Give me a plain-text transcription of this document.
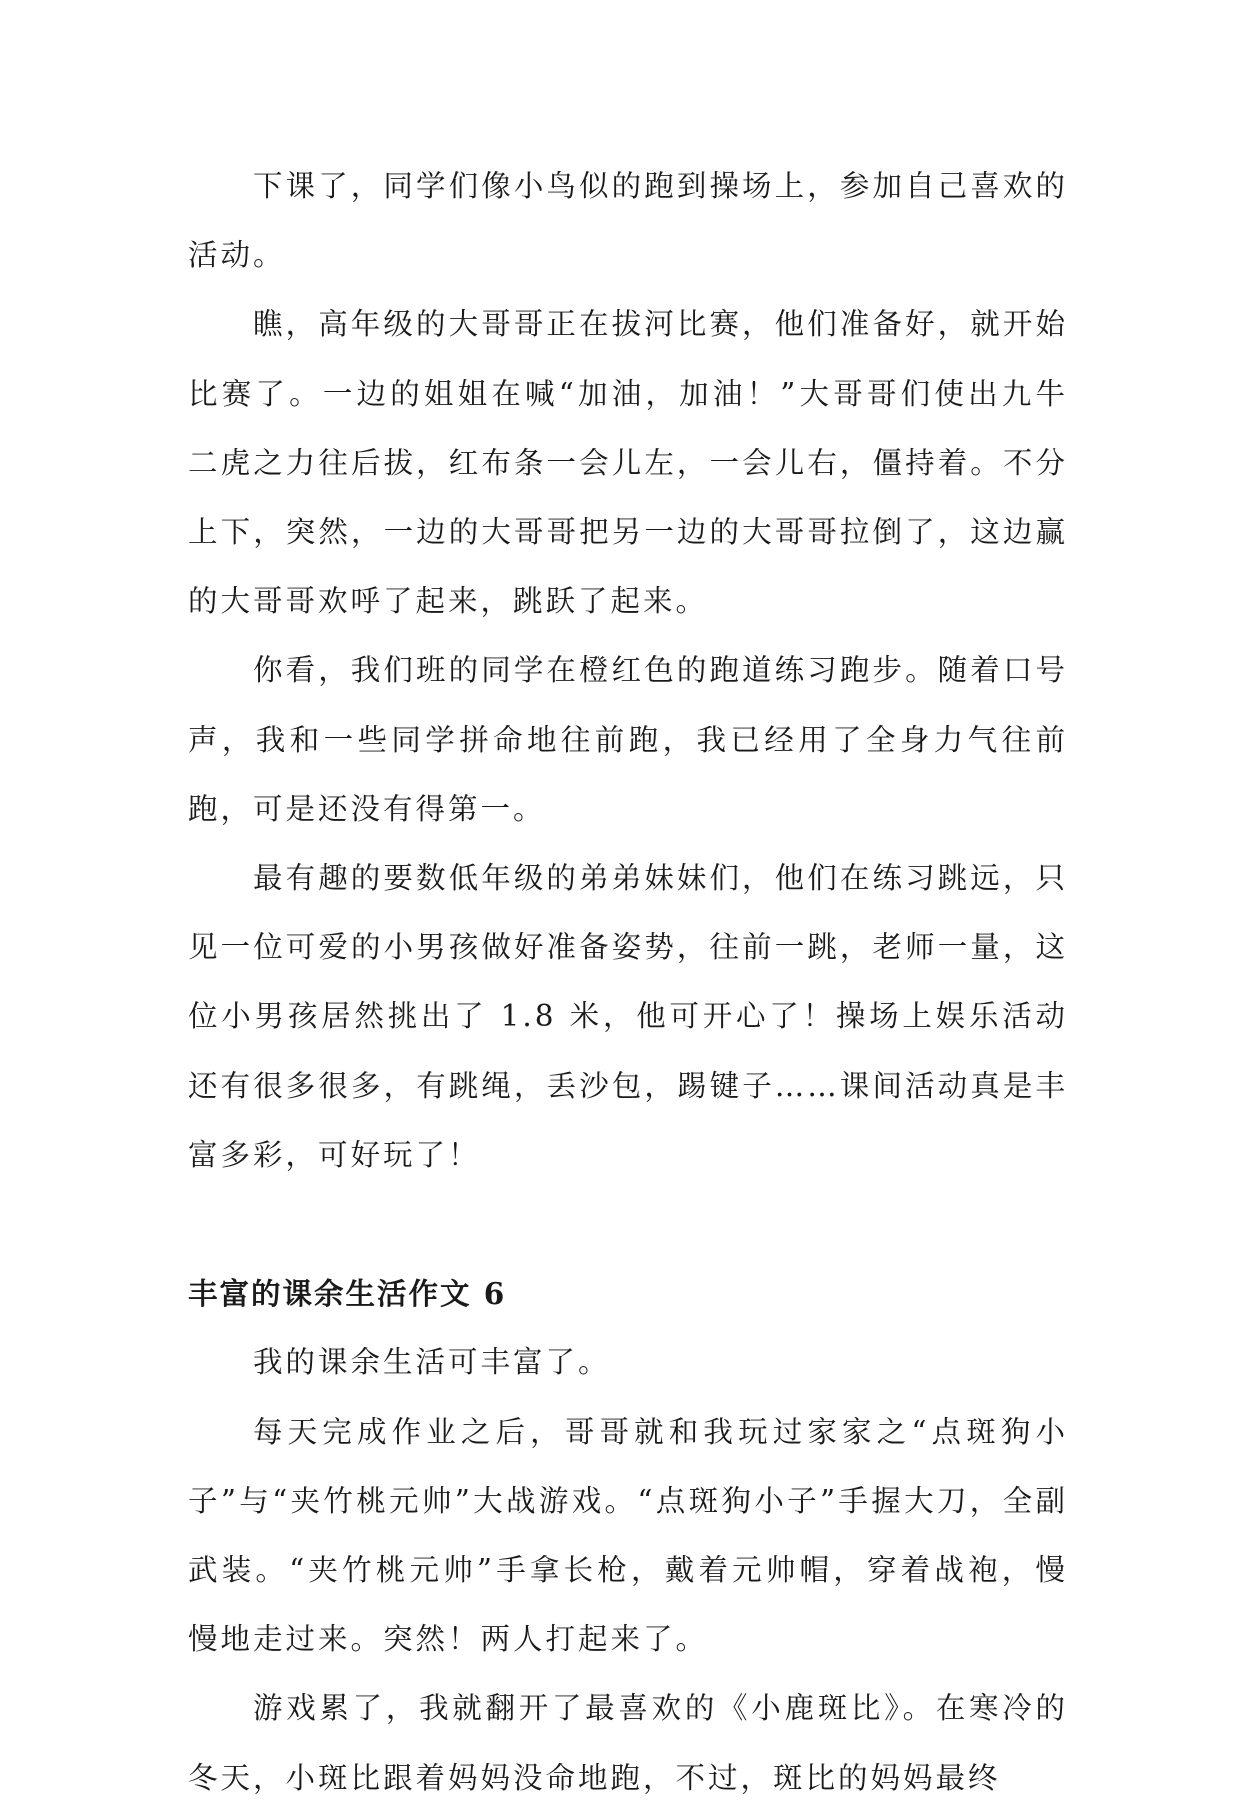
下课了，同学们像小鸟似的跑到操场上，参加自己喜欢的活动。

瞧，高年级的大哥哥正在拔河比赛，他们准备好，就开始比赛了。一边的姐姐在喊“加油，加油！”大哥哥们使出九牛二虎之力往后拔，红布条一会儿左，一会儿右，僵持着。不分上下，突然，一边的大哥哥把另一边的大哥哥拉倒了，这边赢的大哥哥欢呼了起来，跳跃了起来。

你看，我们班的同学在橙红色的跑道练习跑步。随着口号声，我和一些同学拼命地往前跑，我已经用了全身力气往前跑，可是还没有得第一。

最有趣的要数低年级的弟弟妹妹们，他们在练习跳远，只见一位可爱的小男孩做好准备姿势，往前一跳，老师一量，这位小男孩居然挑出了 1.8 米，他可开心了！操场上娱乐活动还有很多很多，有跳绳，丢沙包，踢键子……课间活动真是丰富多彩，可好玩了！

丰富的课余生活作文 6

我的课余生活可丰富了。

每天完成作业之后，哥哥就和我玩过家家之“点斑狗小子”与“夹竹桃元帅”大战游戏。“点斑狗小子”手握大刀，全副武装。“夹竹桃元帅”手拿长枪，戴着元帅帽，穿着战袍，慢慢地走过来。突然！两人打起来了。

游戏累了，我就翻开了最喜欢的《小鹿斑比》。在寒冷的冬天，小斑比跟着妈妈没命地跑，不过，斑比的妈妈最终
